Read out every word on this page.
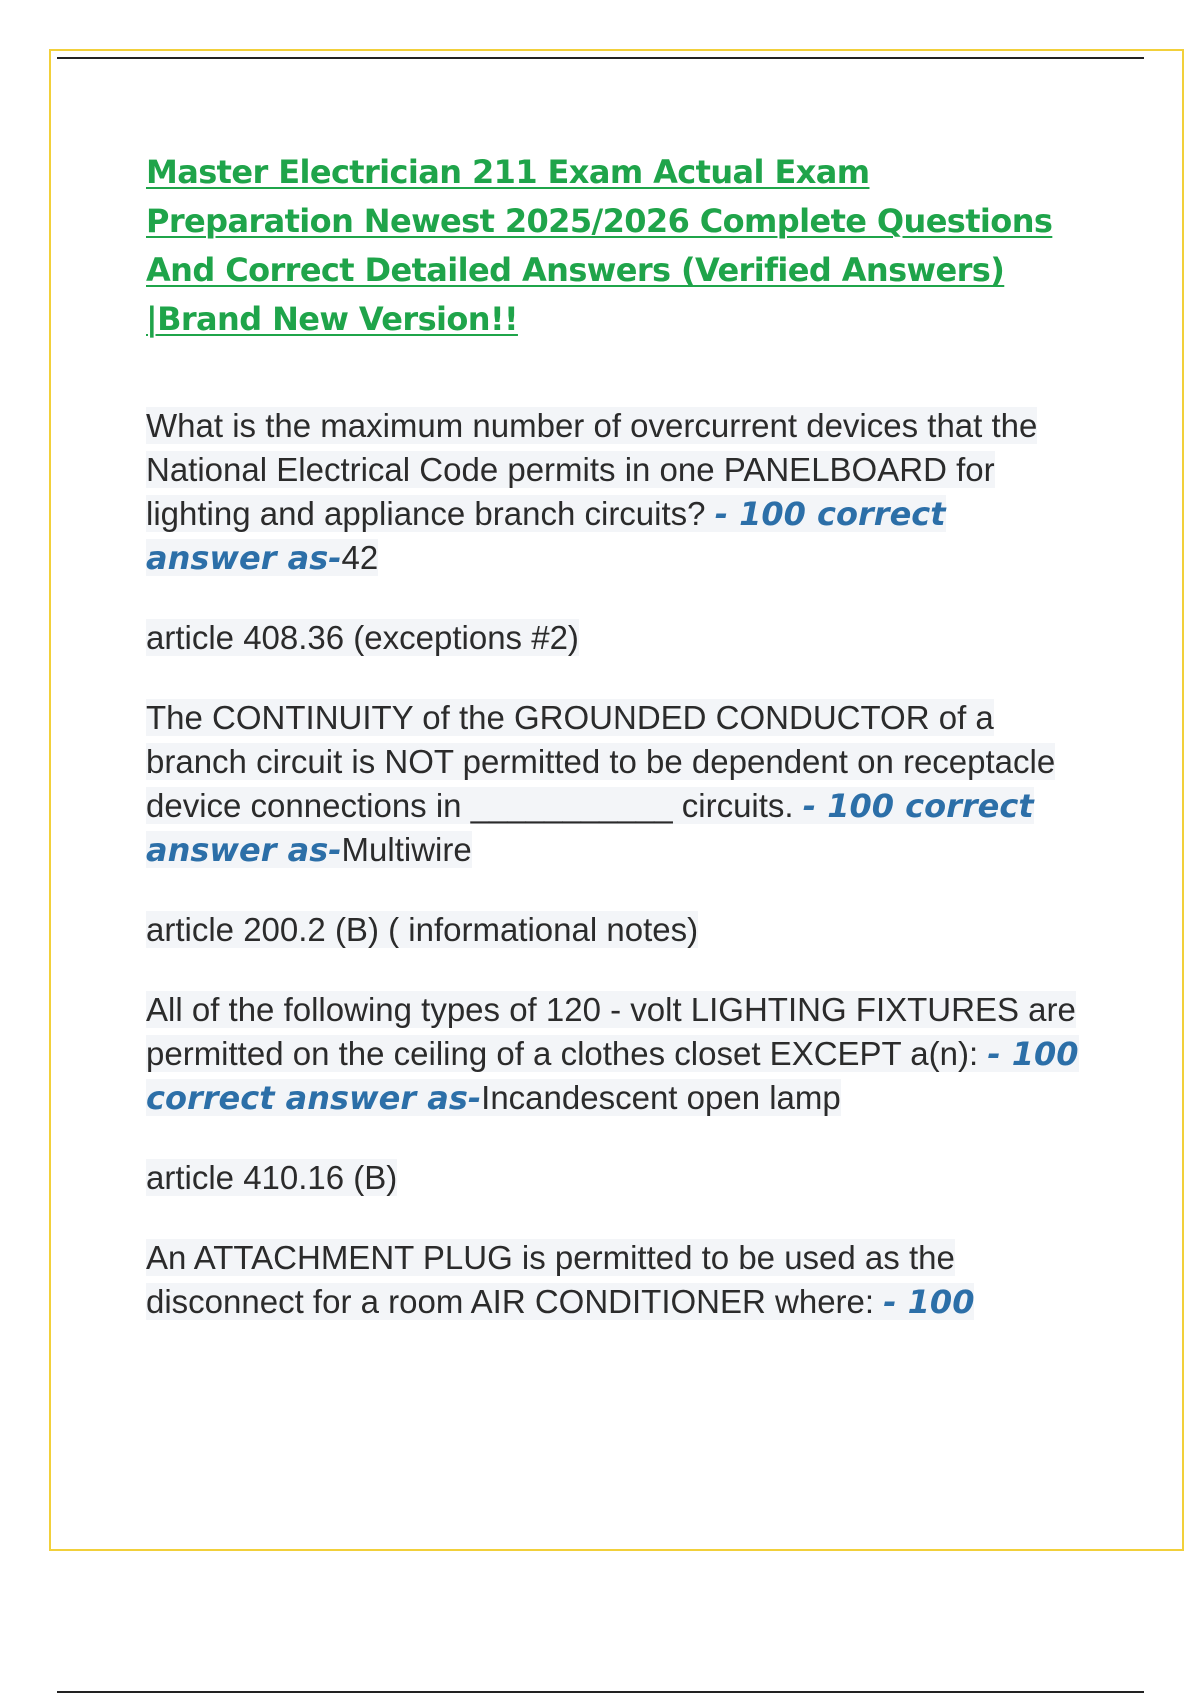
Master Electrician 211 Exam Actual Exam Preparation Newest 2025/2026 Complete Questions And Correct Detailed Answers (Verified Answers) |Brand New Version!!

What is the maximum number of overcurrent devices that the National Electrical Code permits in one PANELBOARD for lighting and appliance branch circuits? - 100 correct answer as-42

article 408.36 (exceptions #2)

The CONTINUITY of the GROUNDED CONDUCTOR of a branch circuit is NOT permitted to be dependent on receptacle device connections in ___________ circuits. - 100 correct answer as-Multiwire

article 200.2 (B) ( informational notes)

All of the following types of 120 - volt LIGHTING FIXTURES are permitted on the ceiling of a clothes closet EXCEPT a(n): - 100 correct answer as-Incandescent open lamp

article 410.16 (B)

An ATTACHMENT PLUG is permitted to be used as the disconnect for a room AIR CONDITIONER where: - 100
